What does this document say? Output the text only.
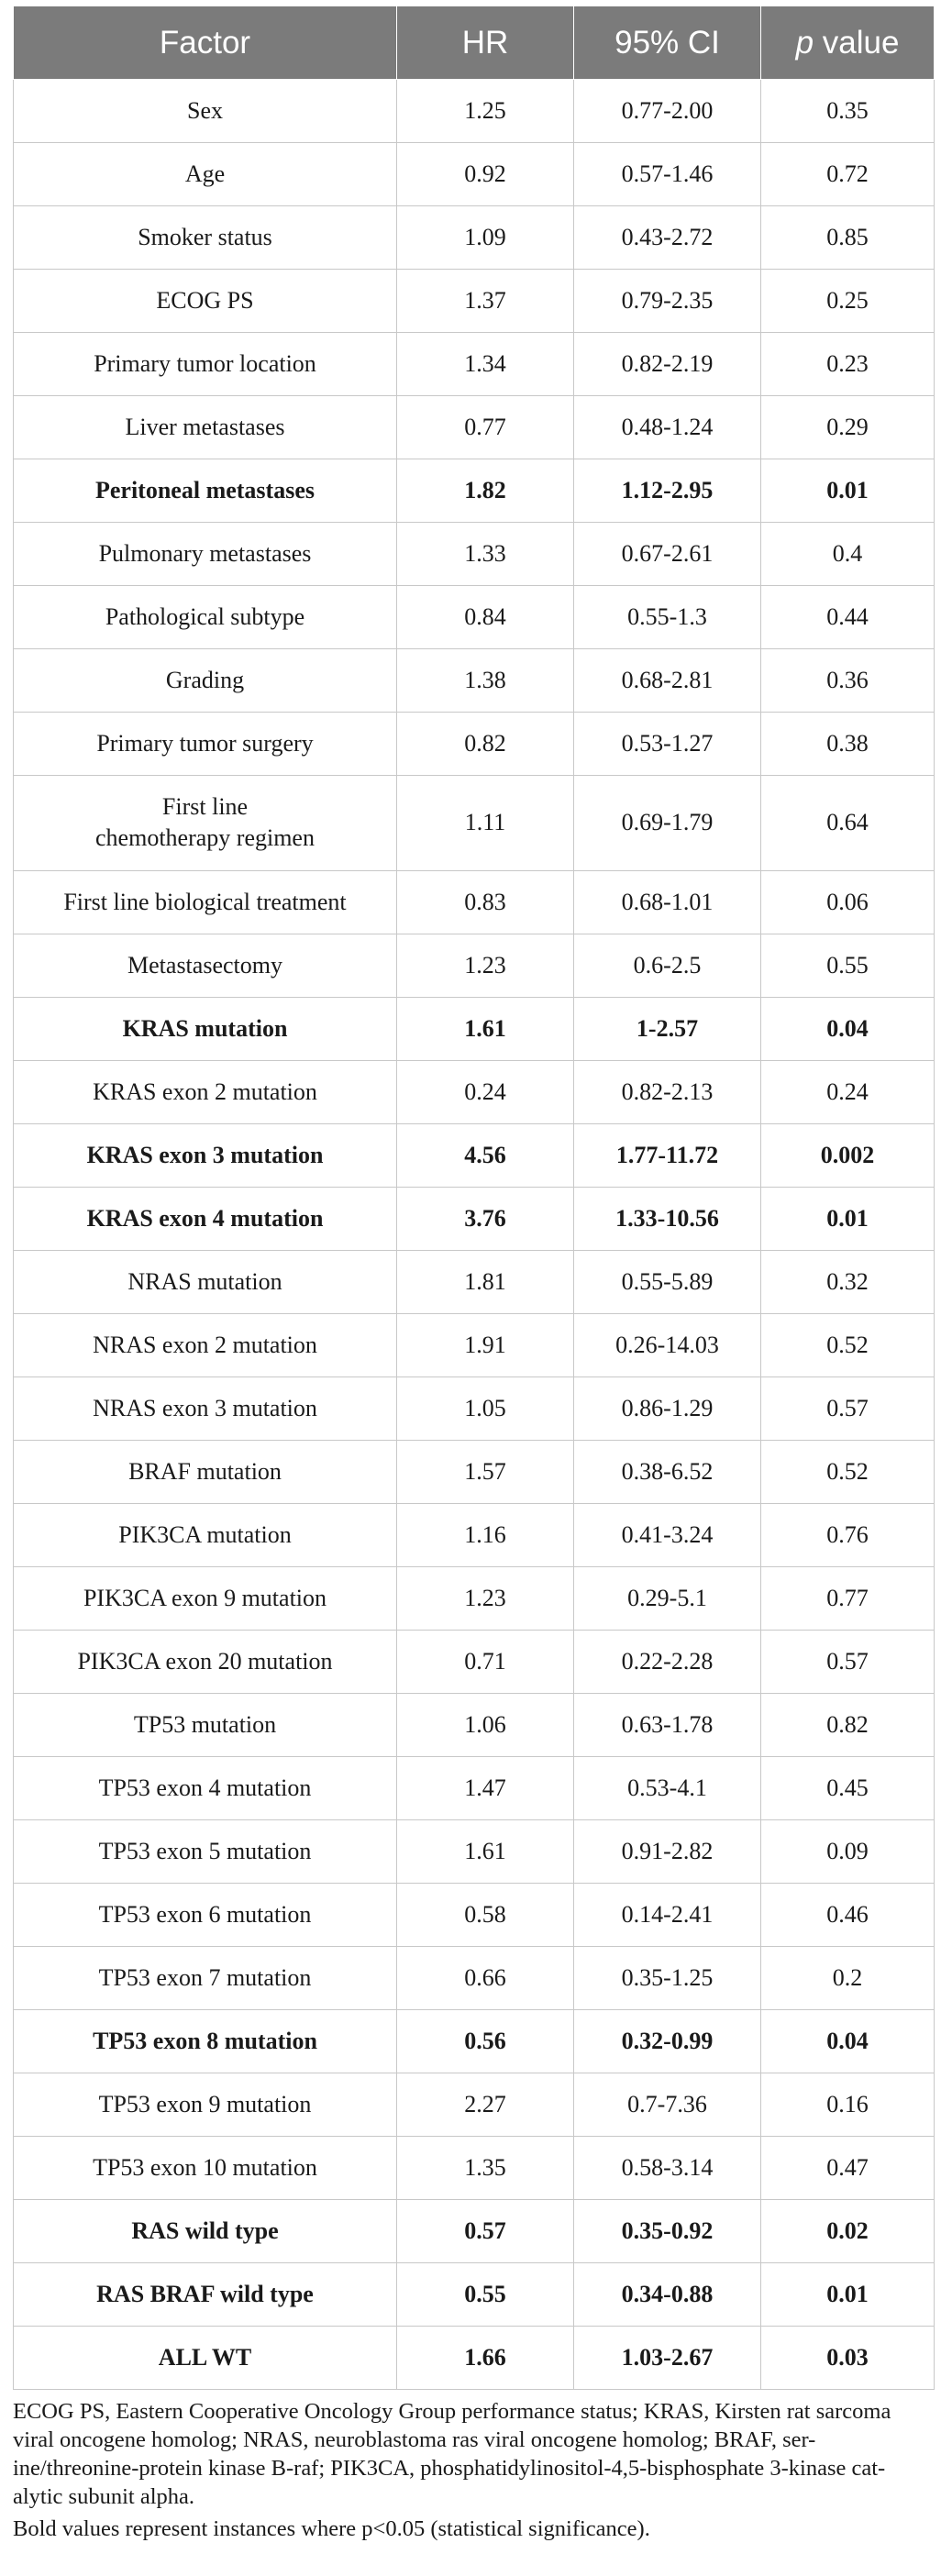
Factor	HR	95% CI	p value
Sex	1.25	0.77-2.00	0.35
Age	0.92	0.57-1.46	0.72
Smoker status	1.09	0.43-2.72	0.85
ECOG PS	1.37	0.79-2.35	0.25
Primary tumor location	1.34	0.82-2.19	0.23
Liver metastases	0.77	0.48-1.24	0.29
Peritoneal metastases	1.82	1.12-2.95	0.01
Pulmonary metastases	1.33	0.67-2.61	0.4
Pathological subtype	0.84	0.55-1.3	0.44
Grading	1.38	0.68-2.81	0.36
Primary tumor surgery	0.82	0.53-1.27	0.38
First line
chemotherapy regimen	1.11	0.69-1.79	0.64
First line biological treatment	0.83	0.68-1.01	0.06
Metastasectomy	1.23	0.6-2.5	0.55
KRAS mutation	1.61	1-2.57	0.04
KRAS exon 2 mutation	0.24	0.82-2.13	0.24
KRAS exon 3 mutation	4.56	1.77-11.72	0.002
KRAS exon 4 mutation	3.76	1.33-10.56	0.01
NRAS mutation	1.81	0.55-5.89	0.32
NRAS exon 2 mutation	1.91	0.26-14.03	0.52
NRAS exon 3 mutation	1.05	0.86-1.29	0.57
BRAF mutation	1.57	0.38-6.52	0.52
PIK3CA mutation	1.16	0.41-3.24	0.76
PIK3CA exon 9 mutation	1.23	0.29-5.1	0.77
PIK3CA exon 20 mutation	0.71	0.22-2.28	0.57
TP53 mutation	1.06	0.63-1.78	0.82
TP53 exon 4 mutation	1.47	0.53-4.1	0.45
TP53 exon 5 mutation	1.61	0.91-2.82	0.09
TP53 exon 6 mutation	0.58	0.14-2.41	0.46
TP53 exon 7 mutation	0.66	0.35-1.25	0.2
TP53 exon 8 mutation	0.56	0.32-0.99	0.04
TP53 exon 9 mutation	2.27	0.7-7.36	0.16
TP53 exon 10 mutation	1.35	0.58-3.14	0.47
RAS wild type	0.57	0.35-0.92	0.02
RAS BRAF wild type	0.55	0.34-0.88	0.01
ALL WT	1.66	1.03-2.67	0.03

ECOG PS, Eastern Cooperative Oncology Group performance status; KRAS, Kirsten rat sarcoma viral oncogene homolog; NRAS, neuroblastoma ras viral oncogene homolog; BRAF, ser-ine/threonine-protein kinase B-raf; PIK3CA, phosphatidylinositol-4,5-bisphosphate 3-kinase cat-alytic subunit alpha.

Bold values represent instances where p<0.05 (statistical significance).
